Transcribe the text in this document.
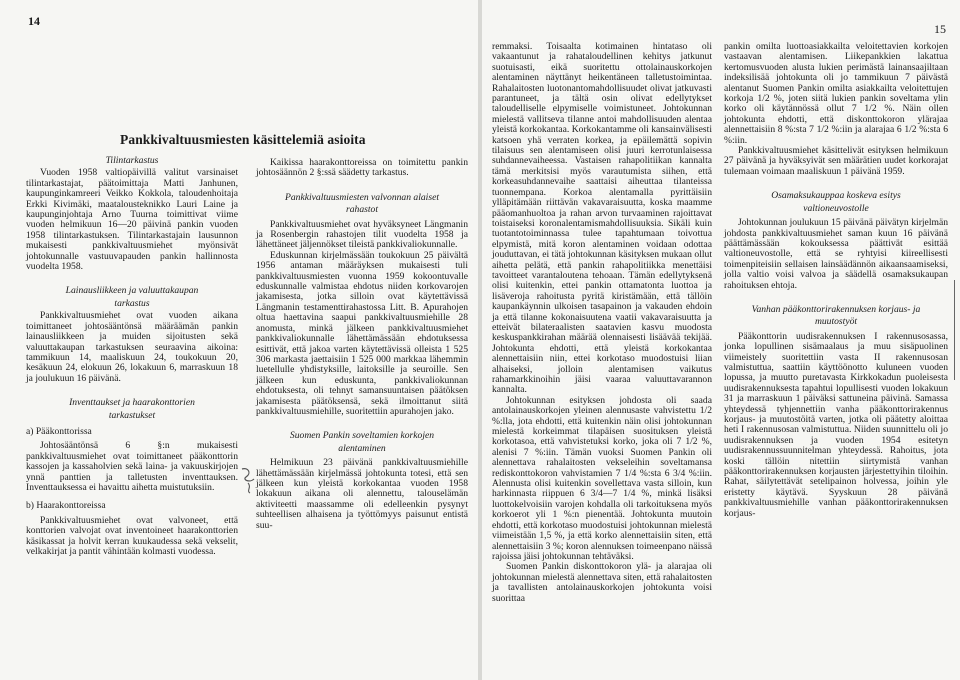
14
Pankkivaltuusmiesten käsittelemiä asioita
Tilintarkastus

Vuoden 1958 valtiopäivillä valitut varsinaiset tilintarkastajat, päätoimittaja Matti Janhunen, kaupunginkamreeri Veikko Kokkola, taloudenhoitaja Erkki Kivimäki, maatalousteknikko Lauri Laine ja kaupunginjohtaja Arno Tuurna toimittivat viime vuoden helmikuun 16—20 päivinä pankin vuoden 1958 tilintarkastuksen. Tilintarkastajain lausunnon mukaisesti pankkivaltuusmiehet myönsivät johtokunnalle vastuuvapauden pankin hallinnosta vuodelta 1958.

Lainausliikkeen ja valuuttakaupan
tarkastus

Pankkivaltuusmiehet ovat vuoden aikana toimittaneet johtosääntönsä määräämän pankin lainausliikkeen ja muiden sijoitusten sekä valuuttakaupan tarkastuksen seuraavina aikoina: tammikuun 14, maaliskuun 24, toukokuun 20, kesäkuun 24, elokuun 26, lokakuun 6, marraskuun 18 ja joulukuun 16 päivänä.

Inventtaukset ja haarakonttorien
tarkastukset

a) Pääkonttorissa

Johtosääntönsä 6 §:n mukaisesti pankkivaltuusmiehet ovat toimittaneet pääkonttorin kassojen ja kassaholvien sekä laina- ja vakuuskirjojen ynnä panttien ja talletusten inventtauksen. Inventtauksessa ei havaittu aihetta muistutuksiin.

b) Haarakonttoreissa

Pankkivaltuusmiehet ovat valvoneet, että konttorien valvojat ovat inventoineet haarakonttorien käsikassat ja holvit kerran kuukaudessa sekä vekselit, velkakirjat ja pantit vähintään kolmasti vuodessa.

Kaikissa haarakonttoreissa on toimitettu pankin johtosäännön 2 §:ssä säädetty tarkastus.

Pankkivaltuusmiesten valvonnan alaiset
rahastot

Pankkivaltuusmiehet ovat hyväksyneet Längmanin ja Rosenbergin rahastojen tilit vuodelta 1958 ja lähettäneet jäljennökset tileistä pankkivaliokunnalle.

Eduskunnan kirjelmässään toukokuun 25 päivältä 1956 antaman määräyksen mukaisesti tuli pankkivaltuusmiesten vuonna 1959 kokoontuvalle eduskunnalle valmistaa ehdotus niiden korkovarojen jakamisesta, jotka silloin ovat käytettävissä Längmanin testamenttirahastossa Litt. B. Apurahojen oltua haettavina saapui pankkivaltuusmiehille 28 anomusta, minkä jälkeen pankkivaltuusmiehet pankkivaliokunnalle lähettämässään ehdotuksessa esittivät, että jakoa varten käytettävissä olleista 1 525 306 markasta jaettaisiin 1 525 000 markkaa lähemmin luetellulle yhdistyksille, laitoksille ja seuroille. Sen jälkeen kun eduskunta, pankkivaliokunnan ehdotuksesta, oli tehnyt samansuuntaisen päätöksen jakamisesta päätöksensä, sekä ilmoittanut siitä pankkivaltuusmiehille, suoritettiin apurahojen jako.

Suomen Pankin soveltamien korkojen
alentaminen

Helmikuun 23 päivänä pankkivaltuusmiehille lähettämässään kirjelmässä johtokunta totesi, että sen jälkeen kun yleistä korkokantaa vuoden 1958 lokakuun aikana oli alennettu, talouselämän aktiviteetti maassamme oli edelleenkin pysynyt suhteellisen alhaisena ja työttömyys paisunut entistä suu-

15

remmaksi. Toisaalta kotimainen hintataso oli vakaantunut ja rahataloudellinen kehitys jatkunut suotuisasti, eikä suoritettu ottolainauskorkojen alentaminen näyttänyt heikentäneen talletustoimintaa. Rahalaitosten luotonantomahdollisuudet olivat jatkuvasti parantuneet, ja tältä osin olivat edellytykset taloudelliselle elpymiselle voimistuneet. Johtokunnan mielestä vallitseva tilanne antoi mahdollisuuden alentaa yleistä korkokantaa. Korkokantamme oli kansainvälisesti katsoen yhä verraten korkea, ja epäilemättä sopivin tilaisuus sen alentamiseen olisi juuri kerrotunlaisessa suhdannevaiheessa. Vastaisen rahapolitiikan kannalta tämä merkitsisi myös varautumista siihen, että korkeasuhdannevaihe saattaisi aiheuttaa tilanteissa tuonnempana. Korkoa alentamalla pyrittäisiin ylläpitämään riittävän vakavaraisuutta, koska maamme pääomanhuoltoa ja rahan arvon turvaaminen rajoittavat toistaiseksi koronalentamismahdollisuuksia. Sikäli kuin tuotantotoiminnassa tulee tapahtumaan toivottua elpymistä, mitä koron alentaminen voidaan odottaa jouduttavan, ei tätä johtokunnan käsityksen mukaan ollut aihetta pelätä, että pankin rahapolitiikka menettäisi tavoitteet varantaloutena tehoaan. Tämän edellytyksenä olisi kuitenkin, ettei pankin ottamatonta luottoa ja lisäveroja rahoitusta pyritä kiristämään, että tällöin kaupankäynnin ulkoisen tasapainon ja vakauden ehdoin ja että tilanne kokonaisuutena vaatii vakavaraisuutta ja etteivät bilateraalisten saatavien kasvu muodosta keskuspankkirahan määrää olennaisesti lisäävää tekijää. Johtokunta ehdotti, että yleistä korkokantaa alennettaisiin niin, ettei korkotaso muodostuisi liian alhaiseksi, jolloin alentamisen vaikutus rahamarkkinoihin jäisi vaaraa valuuttavarannon kannalta.

Johtokunnan esityksen johdosta oli saada antolainauskorkojen yleinen alennusaste vahvistettu 1/2 %:lla, jota ehdotti, että kuitenkin näin olisi johtokunnan mielestä korkeimmat tilapäisen suosituksen yleistä korkotasoa, että vahvistetuksi korko, joka oli 7 1/2 %, alenisi 7 %:iin. Tämän vuoksi Suomen Pankin oli alennettava rahalaitosten vekseleihin soveltamansa rediskonttokoron vahvistamien 7 1/4 %:sta 6 3/4 %:iin. Alennusta olisi kuitenkin sovellettava vasta silloin, kun harkinnasta riippuen 6 3/4—7 1/4 %, minkä lisäksi luottokelvoisiin varojen kohdalla oli tarkoituksena myös korkoerot yli 1 %:n pienentää. Johtokunta muutoin ehdotti, että korkotaso muodostuisi johtokunnan mielestä viimeistään 1,5 %, ja että korko alennettaisiin siten, että alennettaisiin 3 %; koron alennuksen toimeenpano näissä rajoissa jäisi johtokunnan tehtäväksi.

Suomen Pankin diskonttokoron ylä- ja alarajaa oli johtokunnan mielestä alennettava siten, että rahalaitosten ja tavallisten antolainauskorkojen johtokunta voisi suorittaa

pankin omilta luottoasiakkailta veloitettavien korkojen vastaavan alentamisen. Liikepankkien lakattua kertomusvuoden alusta lukien perimästä lainansaajiltaan indeksilisää johtokunta oli jo tammikuun 7 päivästä alentanut Suomen Pankin omilta asiakkailta veloitettujen korkoja 1/2 %, joten siitä lukien pankin soveltama ylin korko oli käytännössä ollut 7 1/2 %. Näin ollen johtokunta ehdotti, että diskonttokoron ylärajaa alennettaisiin 8 %:sta 7 1/2 %:iin ja alarajaa 6 1/2 %:sta 6 %:iin.

Pankkivaltuusmiehet käsittelivät esityksen helmikuun 27 päivänä ja hyväksyivät sen määrätien uudet korkorajat tulemaan voimaan maaliskuun 1 päivänä 1959.

Osamaksukauppaa koskeva esitys
valtioneuvostolle

Johtokunnan joulukuun 15 päivänä päivätyn kirjelmän johdosta pankkivaltuusmiehet saman kuun 16 päivänä päättämässään kokouksessa päättivät esittää valtioneuvostolle, että se ryhtyisi kiireellisesti toimenpiteisiin sellaisen lainsäädännön aikaansaamiseksi, jolla valtio voisi valvoa ja säädellä osamaksukaupan rahoituksen ehtoja.

Vanhan pääkonttorirakennuksen korjaus- ja
muutostyöt

Pääkonttorin uudisrakennuksen I rakennusosassa, jonka lopullinen sisämaalaus ja muu sisäpuolinen viimeistely suoritettiin vasta II rakennusosan valmistuttua, saattiin käyttöönotto kuluneen vuoden lopussa, ja muutto puretavasta Kirkkokadun puoleisesta uudisrakennuksesta tapahtui lopullisesti vuoden lokakuun 31 ja marraskuun 1 päiväksi sattuneina päivinä. Samassa yhteydessä tyhjennettiin vanha pääkonttorirakennus korjaus- ja muutostöitä varten, jotka oli päätetty aloittaa heti I rakennusosan valmistuttua. Niiden suunnittelu oli jo uudisrakennuksen ja vuoden 1954 esitetyn uudisrakennussuunnitelman yhteydessä. Rahoitus, jota koski tällöin nitettiin siirtymistä vanhan pääkonttorirakennuksen korjausten järjestettyihin tiloihin. Rahat, säilytettävät setelipainon holvessa, joihin yle eristetty käytävä. Syyskuun 28 päivänä pankkivaltuusmiehille vanhan pääkonttorirakennuksen korjaus-
